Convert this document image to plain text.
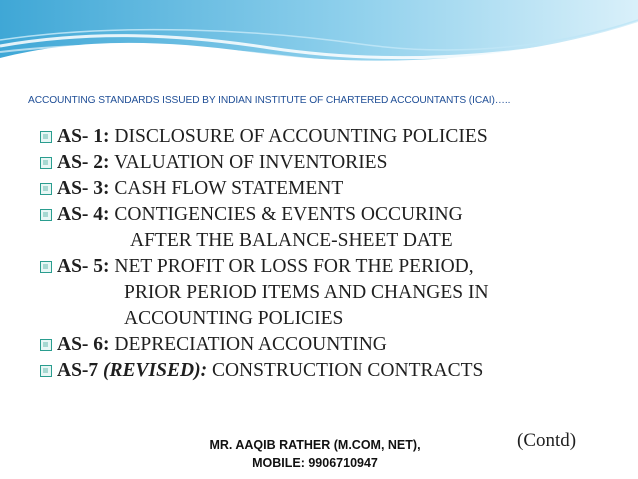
ACCOUNTING STANDARDS ISSUED BY INDIAN INSTITUTE OF CHARTERED ACCOUNTANTS (ICAI)…..
AS- 1: DISCLOSURE OF ACCOUNTING POLICIES
AS- 2: VALUATION OF INVENTORIES
AS- 3: CASH FLOW STATEMENT
AS- 4: CONTIGENCIES & EVENTS OCCURING
AFTER THE BALANCE-SHEET DATE
AS- 5: NET PROFIT OR LOSS FOR THE PERIOD,
PRIOR PERIOD ITEMS AND CHANGES IN
ACCOUNTING POLICIES
AS- 6: DEPRECIATION ACCOUNTING
AS-7 (REVISED): CONSTRUCTION CONTRACTS
(Contd)
MR. AAQIB RATHER (M.COM, NET),
MOBILE: 9906710947
